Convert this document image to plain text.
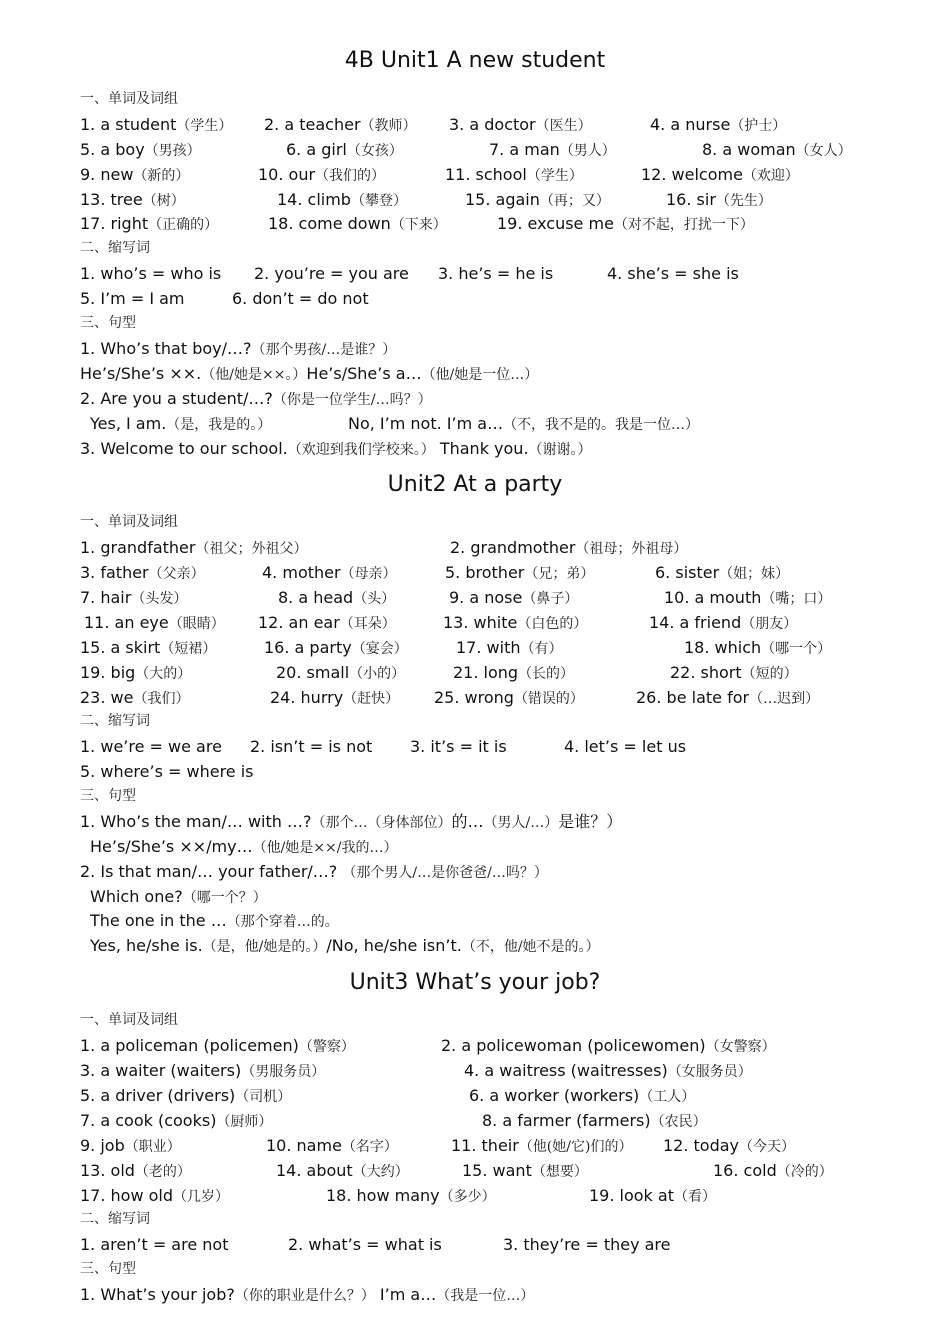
4B Unit1 A new student
一、单词及词组
1. a student（学生） 2. a teacher（教师） 3. a doctor（医生）	4. a nurse（护士）
5. a boy（男孩）	6. a girl（女孩）	7. a man（男人）	8. a woman（女人）
9. new（新的）	10. our（我们的）	11. school（学生）	12. welcome（欢迎）
13. tree（树）	14. climb（攀登）	15. again（再；又）	16. sir（先生）
17. right（正确的）	18. come down（下来）	19. excuse me（对不起，打扰一下）
二、缩写词
1. who’s = who is 2. you’re = you are 3. he’s = he is	4. she’s = she is
5. I’m = I am	6. don’t = do not
三、句型
1. Who’s that boy/…?（那个男孩/…是谁？）
He’s/She’s ××.（他/她是××。）He’s/She’s a…（他/她是一位…）
2. Are you a student/…?（你是一位学生/…吗？）
Yes, I am.（是，我是的。）	No, I’m not. I’m a…（不，我不是的。我是一位…）
3. Welcome to our school.（欢迎到我们学校来。） Thank you.（谢谢。）
Unit2 At a party
一、单词及词组
1. grandfather（祖父；外祖父）	2. grandmother（祖母；外祖母）
3. father（父亲）	4. mother（母亲）	5. brother（兄；弟）	6. sister（姐；妹）
7. hair（头发）	8. a head（头）	9. a nose（鼻子）	10. a mouth（嘴；口）
11. an eye（眼睛） 12. an ear（耳朵）	13. white（白色的）	14. a friend（朋友）
15. a skirt（短裙）	16. a party（宴会）	17. with（有）	18. which（哪一个）
19. big（大的）	20. small（小的）	21. long（长的）	22. short（短的）
23. we（我们）	24. hurry（赶快） 25. wrong（错误的）	26. be late for（…迟到）
二、缩写词
1. we’re = we are 2. isn’t = is not 3. it’s = it is	4. let’s = let us
5. where’s = where is
三、句型
1. Who’s the man/… with …?（那个…（身体部位）的…（男人/…）是谁？）
He’s/She’s ××/my…（他/她是××/我的…）
2. Is that man/… your father/…? （那个男人/…是你爸爸/…吗？）
Which one?（哪一个？）
The one in the …（那个穿着…的。
Yes, he/she is.（是，他/她是的。）/No, he/she isn’t.（不，他/她不是的。）
Unit3 What’s your job?
一、单词及词组
1. a policeman (policemen)（警察）	2. a policewoman (policewomen)（女警察）
3. a waiter (waiters)（男服务员）	4. a waitress (waitresses)（女服务员）
5. a driver (drivers)（司机）	6. a worker (workers)（工人）
7. a cook (cooks)（厨师）	8. a farmer (farmers)（农民）
9. job（职业）	10. name（名字）	11. their（他(她/它)们的） 12. today（今天）
13. old（老的）	14. about（大约）	15. want（想要）	16. cold（冷的）
17. how old（几岁）	18. how many（多少）	19. look at（看）
二、缩写词
1. aren’t = are not	2. what’s = what is	3. they’re = they are
三、句型
1. What’s your job?（你的职业是什么？） I’m a…（我是一位…）
